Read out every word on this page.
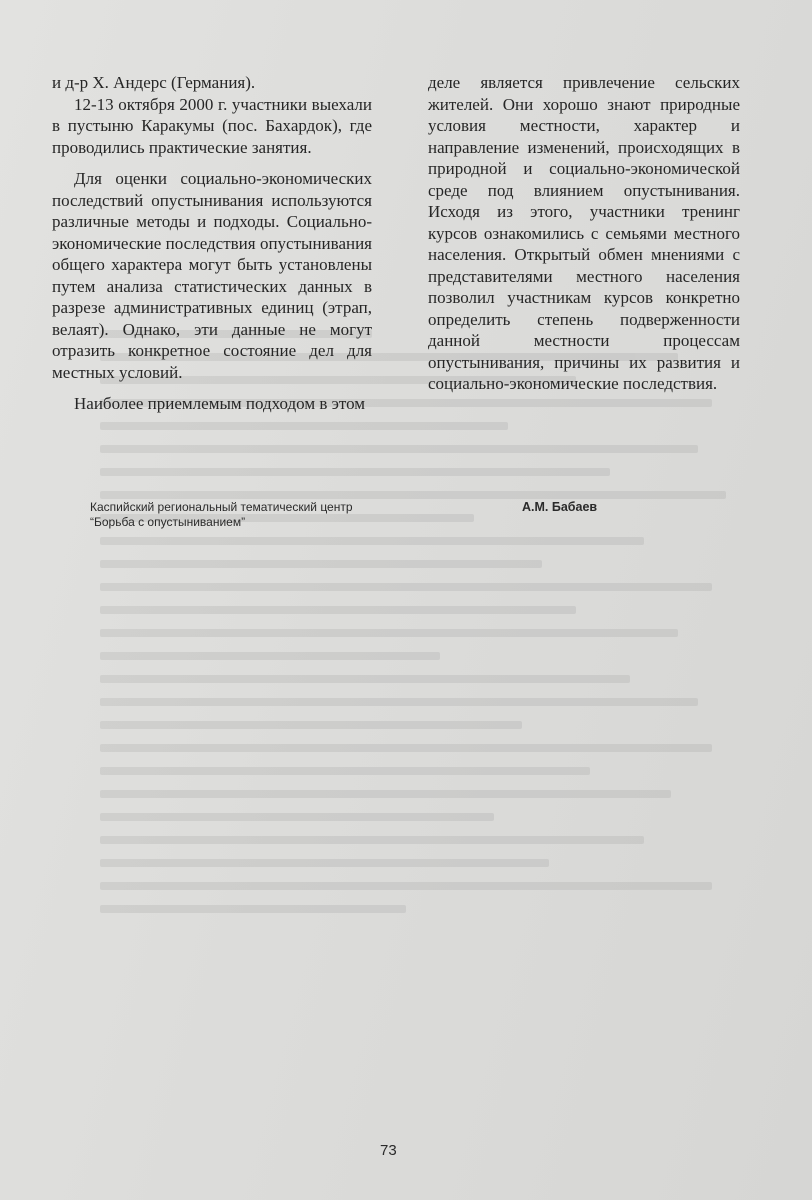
и д-р Х. Андерс (Германия).

12-13 октября 2000 г. участники выехали в пустыню Каракумы (пос. Бахардок), где проводились практические занятия.

Для оценки социально-экономических последствий опустынивания используются различные методы и подходы. Социально-экономические последствия опустынивания общего характера могут быть установлены путем анализа статистических данных в разрезе административных единиц (этрап, велаят). Однако, эти данные не могут отразить конкретное состояние дел для местных условий.

Наиболее приемлемым подходом в этом

деле является привлечение сельских жителей. Они хорошо знают природные условия местности, характер и направление изменений, происходящих в природной и социально-экономической среде под влиянием опустынивания. Исходя из этого, участники тренинг курсов ознакомились с семьями местного населения. Открытый обмен мнениями с представителями местного населения позволил участникам курсов конкретно определить степень подверженности данной местности процессам опустынивания, причины их развития и социально-экономические последствия.

Каспийский региональный тематический центр
“Борьба с опустыниванием”
А.М. Бабаев
73
